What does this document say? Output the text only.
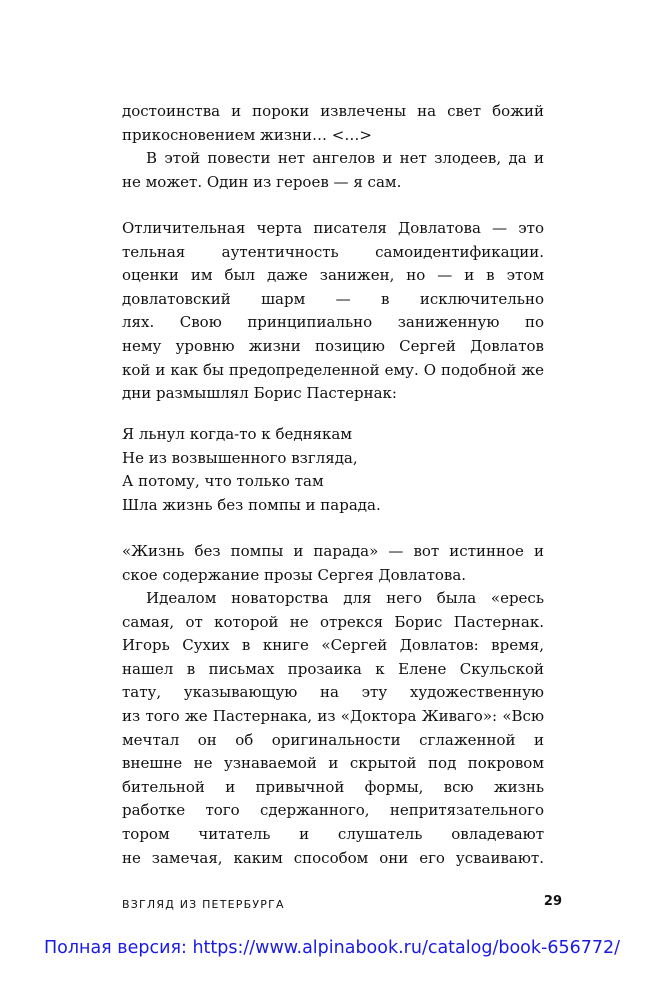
достоинства и пороки извлечены на свет божий
прикосновением жизни… <…>
В этой повести нет ангелов и нет злодеев, да и
не может. Один из героев — я сам.
Отличительная черта писателя Довлатова — это
тельная аутентичность самоидентификации.
оценки им был даже занижен, но — и в этом
довлатовский шарм — в исключительно
лях. Свою принципиально заниженную по
нему уровню жизни позицию Сергей Довлатов
кой и как бы предопределенной ему. О подобной же
дни размышлял Борис Пастернак:
Я льнул когда-то к беднякам
Не из возвышенного взгляда,
А потому, что только там
Шла жизнь без помпы и парада.
«Жизнь без помпы и парада» — вот истинное и
ское содержание прозы Сергея Довлатова.
Идеалом новаторства для него была «ересь
самая, от которой не отрекся Борис Пастернак.
Игорь Сухих в книге «Сергей Довлатов: время,
нашел в письмах прозаика к Елене Скульской
тату, указывающую на эту художественную
из того же Пастернака, из «Доктора Живаго»: «Всю
мечтал он об оригинальности сглаженной и
внешне не узнаваемой и скрытой под покровом
бительной и привычной формы, всю жизнь
работке того сдержанного, непритязательного
тором читатель и слушатель овладевают
не замечая, каким способом они его усваивают.
ВЗГЛЯД ИЗ ПЕТЕРБУРГА	29
Полная версия: https://www.alpinabook.ru/catalog/book-656772/
